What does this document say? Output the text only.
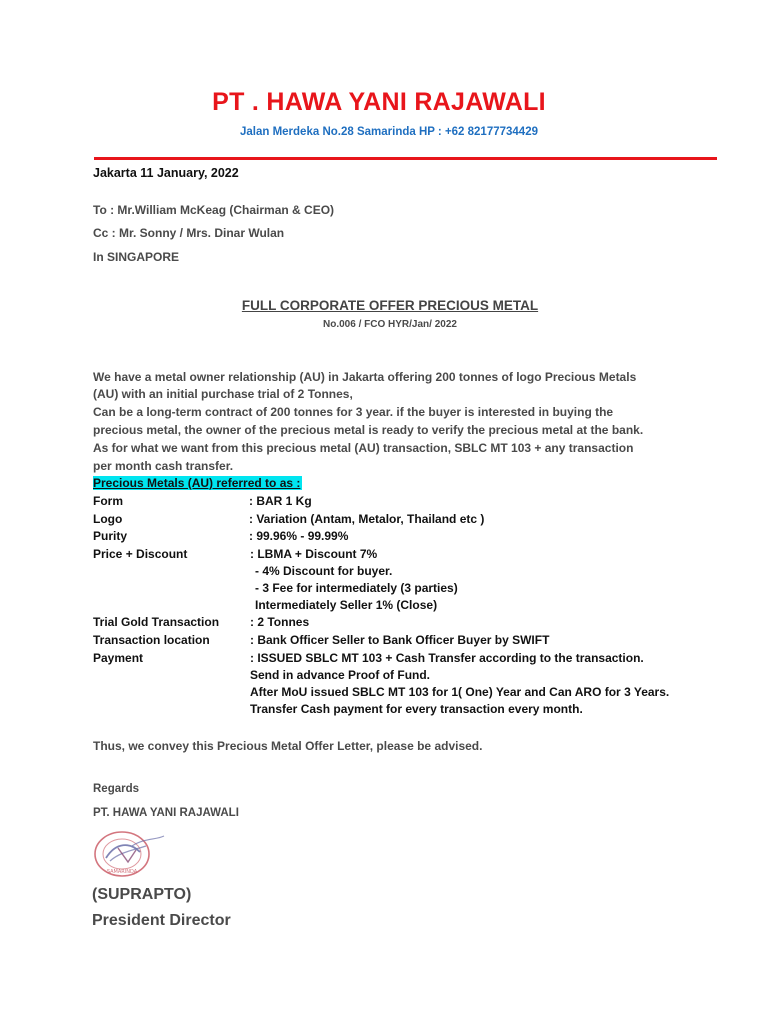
PT . HAWA YANI RAJAWALI
Jalan Merdeka No.28 Samarinda HP : +62 82177734429
Jakarta 11 January, 2022
To : Mr.William McKeag (Chairman & CEO)
Cc : Mr. Sonny / Mrs. Dinar Wulan
In SINGAPORE
FULL CORPORATE OFFER PRECIOUS METAL
No.006 / FCO HYR/Jan/ 2022
We have a metal owner relationship (AU) in Jakarta offering 200 tonnes of logo Precious Metals
(AU) with an initial purchase trial of 2 Tonnes,
Can be a long-term contract of 200 tonnes for 3 year. if the buyer is interested in buying the
precious metal, the owner of the precious metal is ready to verify the precious metal at the bank.
As for what we want from this precious metal (AU) transaction, SBLC MT 103 + any transaction
per month cash transfer.
Precious Metals (AU) referred to as :
Form	: BAR 1 Kg
Logo	: Variation (Antam, Metalor, Thailand etc )
Purity	: 99.96% - 99.99%
Price + Discount	: LBMA + Discount 7%
- 4% Discount for buyer.
- 3 Fee for intermediately (3 parties)
Intermediately Seller 1% (Close)
Trial Gold Transaction	: 2 Tonnes
Transaction location	: Bank Officer Seller to Bank Officer Buyer by SWIFT
Payment	: ISSUED SBLC MT 103 + Cash Transfer according to the transaction.
Send in advance Proof of Fund.
After MoU issued SBLC MT 103 for 1( One) Year and Can ARO for 3 Years.
Transfer Cash payment for every transaction every month.
Thus, we convey this Precious Metal Offer Letter, please be advised.
Regards
PT. HAWA YANI RAJAWALI
SAMARINDA
(SUPRAPTO)
President Director
